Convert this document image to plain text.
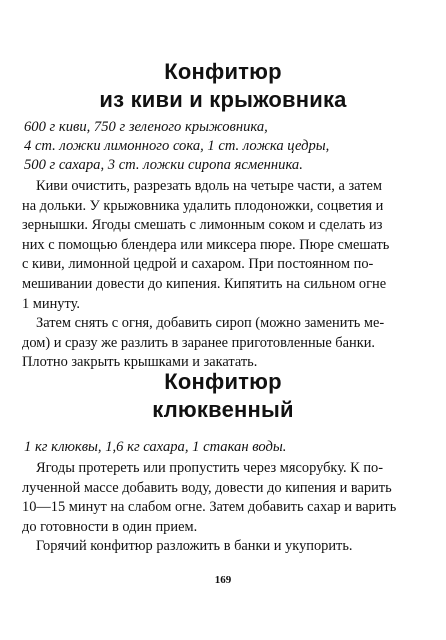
Конфитюр
из киви и крыжовника

600 г киви, 750 г зеленого крыжовника,
4 ст. ложки лимонного сока, 1 ст. ложка цедры,
500 г сахара, 3 ст. ложки сиропа ясменника.

Киви очистить, разрезать вдоль на четыре части, а затем
на дольки. У крыжовника удалить плодоножки, соцветия и
зернышки. Ягоды смешать с лимонным соком и сделать из
них с помощью блендера или миксера пюре. Пюре смешать
с киви, лимонной цедрой и сахаром. При постоянном по-
мешивании довести до кипения. Кипятить на сильном огне
1 минуту.

Затем снять с огня, добавить сироп (можно заменить ме-
дом) и сразу же разлить в заранее приготовленные банки.
Плотно закрыть крышками и закатать.

Конфитюр
клюквенный

1 кг клюквы, 1,6 кг сахара, 1 стакан воды.

Ягоды протереть или пропустить через мясорубку. К по-
лученной массе добавить воду, довести до кипения и варить
10—15 минут на слабом огне. Затем добавить сахар и варить
до готовности в один прием.

Горячий конфитюр разложить в банки и укупорить.

169
